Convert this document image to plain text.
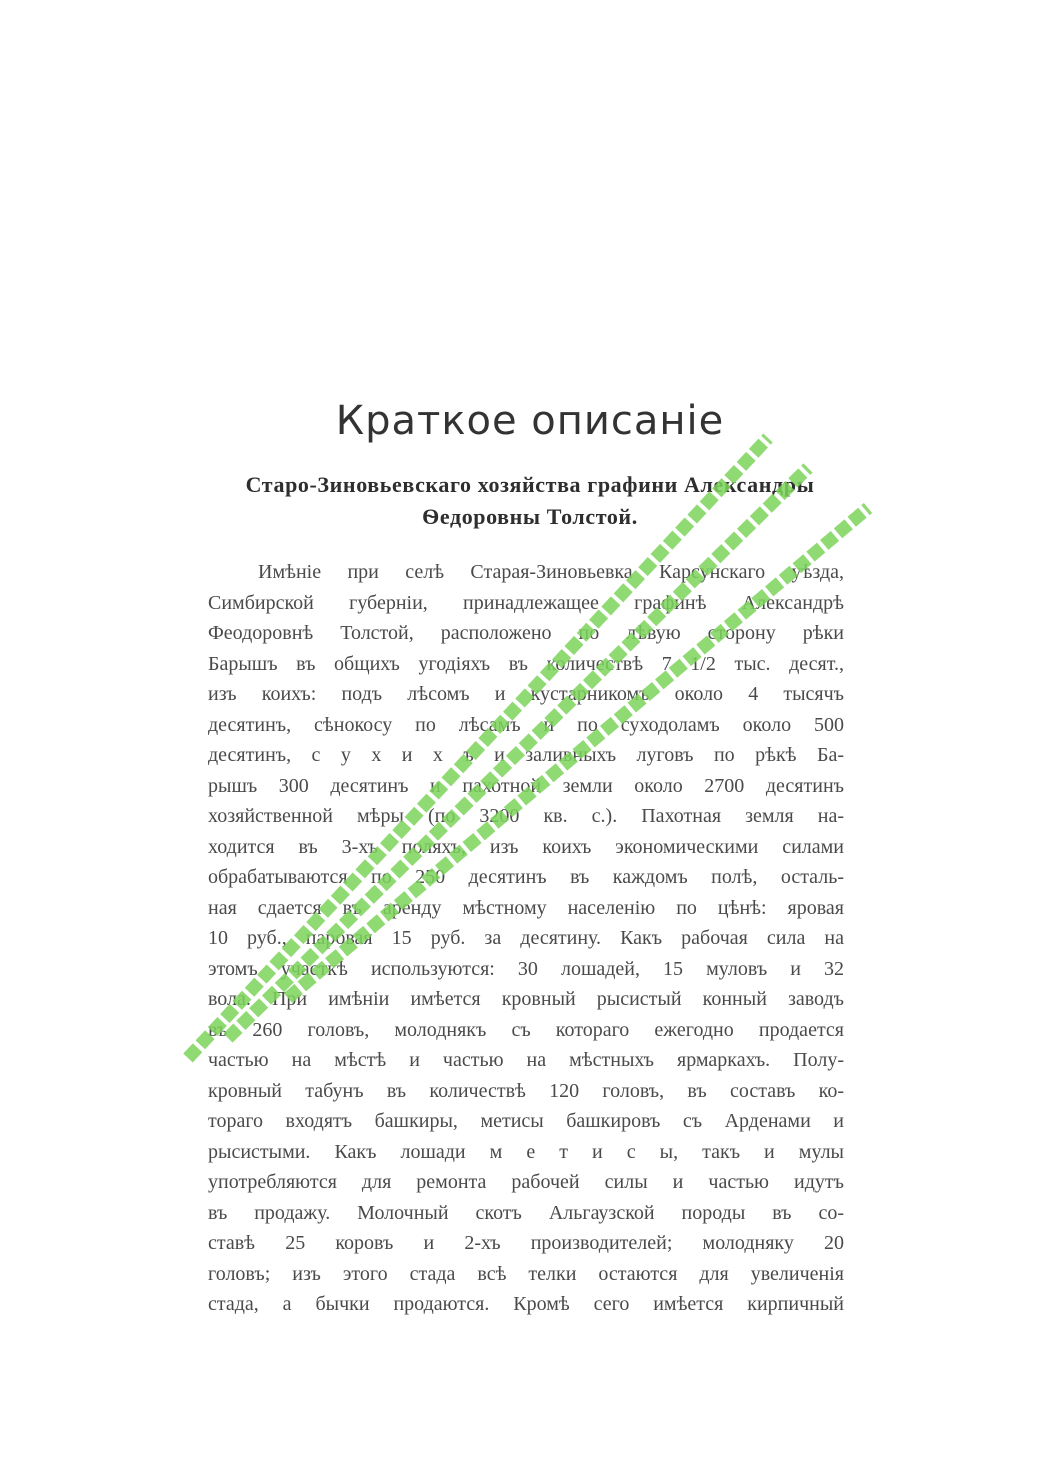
Краткое описаніе
Старо-Зиновьевскаго хозяйства графини Александры
Ѳедоровны Толстой.
Имѣніе при селѣ Старая-Зиновьевка Карсунскаго уѣзда,
Симбирской губерніи, принадлежащее графинѣ Александрѣ
Феодоровнѣ Толстой, расположено по лѣвую сторону рѣки
Барышъ въ общихъ угодіяхъ въ количествѣ 7 1/2 тыс. десят.,
изъ коихъ: подъ лѣсомъ и кустарникомъ около 4 тысячъ
десятинъ, сѣнокосу по лѣсамъ и по суходоламъ около 500
десятинъ, с у х и х ъ и заливныхъ луговъ по рѣкѣ Ба-
рышъ 300 десятинъ и пахотной земли около 2700 десятинъ
хозяйственной мѣры (по 3200 кв. с.). Пахотная земля на-
ходится въ 3-хъ поляхъ, изъ коихъ экономическими силами
обрабатываются по 250 десятинъ въ каждомъ полѣ, осталь-
ная сдается въ аренду мѣстному населенію по цѣнѣ: яровая
10 руб., паровая 15 руб. за десятину. Какъ рабочая сила на
этомъ участкѣ используются: 30 лошадей, 15 муловъ и 32
вола. При имѣніи имѣется кровный рысистый конный заводъ
въ 260 головъ, молоднякъ съ котораго ежегодно продается
частью на мѣстѣ и частью на мѣстныхъ ярмаркахъ. Полу-
кровный табунъ въ количествѣ 120 головъ, въ составъ ко-
тораго входятъ башкиры, метисы башкировъ съ Арденами и
рысистыми. Какъ лошади м е т и с ы, такъ и мулы
употребляются для ремонта рабочей силы и частью идутъ
въ продажу. Молочный скотъ Альгаузской породы въ со-
ставѣ 25 коровъ и 2-хъ производителей; молодняку 20
головъ; изъ этого стада всѣ телки остаются для увеличенія
стада, а бычки продаются. Кромѣ сего имѣется кирпичный
